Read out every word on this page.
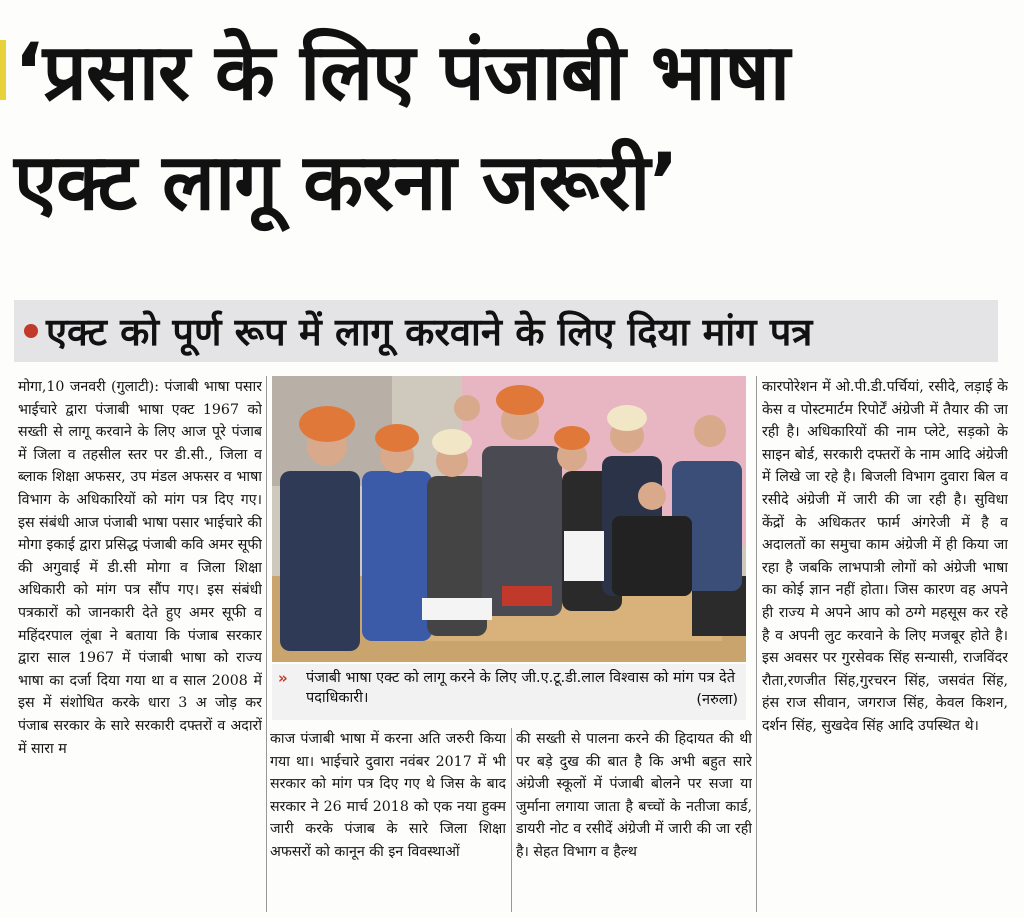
‘प्रसार के लिए पंजाबी भाषा
एक्ट लागू करना जरूरी’
एक्ट को पूर्ण रूप में लागू करवाने के लिए दिया मांग पत्र

मोगा,10 जनवरी (गुलाटी): पंजाबी भाषा पसार भाईचारे द्वारा पंजाबी भाषा एक्ट 1967 को सख्ती से लागू करवाने के लिए आज पूरे पंजाब में जिला व तहसील स्तर पर डी.सी., जिला व ब्लाक शिक्षा अफसर, उप मंडल अफसर व भाषा विभाग के अधिकारियों को मांग पत्र दिए गए। इस संबंधी आज पंजाबी भाषा पसार भाईचारे की मोगा इकाई द्वारा प्रसिद्ध पंजाबी कवि अमर सूफी की अगुवाई में डी.सी मोगा व जिला शिक्षा अधिकारी को मांग पत्र सौंप गए। इस संबंधी पत्रकारों को जानकारी देते हुए अमर सूफी व महिंदरपाल लूंबा ने बताया कि पंजाब सरकार द्वारा साल 1967 में पंजाबी भाषा को राज्य भाषा का दर्जा दिया गया था व साल 2008 में इस में संशोधित करके धारा 3 अ जोड़ कर पंजाब सरकार के सारे सरकारी दफ्तरों व अदारों में सारा म

» पंजाबी भाषा एक्ट को लागू करने के लिए जी.ए.टू.डी.लाल विश्वास को मांग पत्र देते पदाधिकारी।	(नरुला)

काज पंजाबी भाषा में करना अति जरुरी किया गया था। भाईचारे दुवारा नवंबर 2017 में भी सरकार को मांग पत्र दिए गए थे जिस के बाद सरकार ने 26 मार्च 2018 को एक नया हुक्म जारी करके पंजाब के सारे जिला शिक्षा अफसरों को कानून की इन विवस्थाओं

की सख्ती से पालना करने की हिदायत की थी पर बड़े दुख की बात है कि अभी बहुत सारे अंग्रेजी स्कूलों में पंजाबी बोलने पर सजा या जुर्माना लगाया जाता है बच्चों के नतीजा कार्ड, डायरी नोट व रसीदें अंग्रेजी में जारी की जा रही है। सेहत विभाग व हैल्थ

कारपोरेशन में ओ.पी.डी.पर्चियां, रसीदे, लड़ाई के केस व पोस्टमार्टम रिपोर्टें अंग्रेजी में तैयार की जा रही है। अधिकारियों की नाम प्लेटे, सड़को के साइन बोर्ड, सरकारी दफ्तरों के नाम आदि अंग्रेजी में लिखे जा रहे है। बिजली विभाग दुवारा बिल व रसीदे अंग्रेजी में जारी की जा रही है। सुविधा केंद्रों के अधिकतर फार्म अंगरेजी में है व अदालतों का समुचा काम अंग्रेजी में ही किया जा रहा है जबकि लाभपात्री लोगों को अंग्रेजी भाषा का कोई ज्ञान नहीं होता। जिस कारण वह अपने ही राज्य मे अपने आप को ठग्गे महसूस कर रहे है व अपनी लुट करवाने के लिए मजबूर होते है। इस अवसर पर गुरसेवक सिंह सन्यासी, राजविंदर रौता,रणजीत सिंह,गुरचरन सिंह, जसवंत सिंह, हंस राज सीवान, जगराज सिंह, केवल किशन, दर्शन सिंह, सुखदेव सिंह आदि उपस्थित थे।
